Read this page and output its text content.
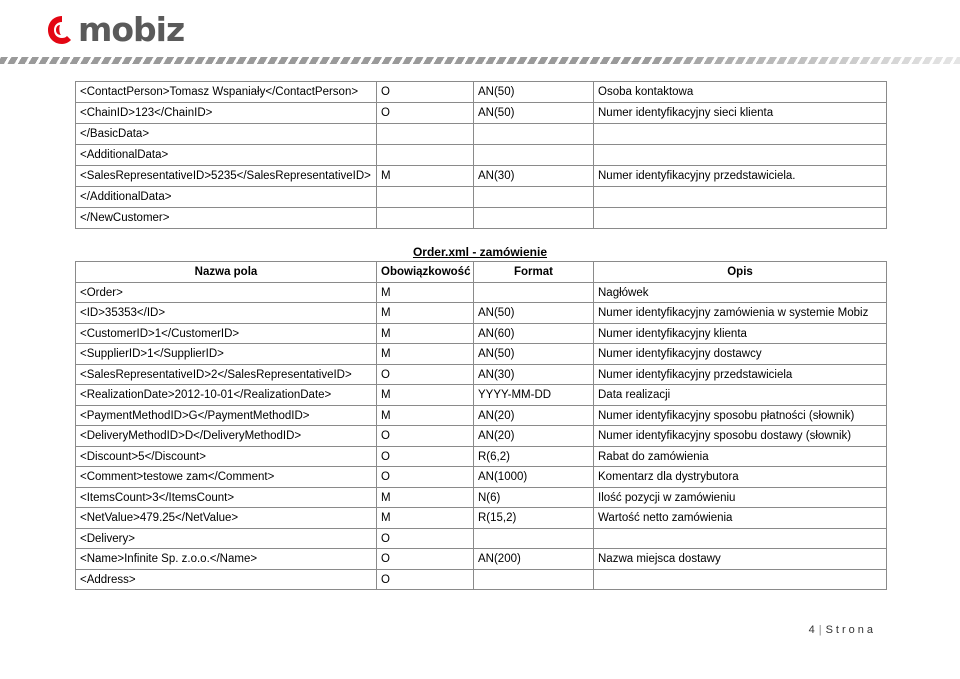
mobiz
<ContactPerson>Tomasz Wspaniały</ContactPerson>	O	AN(50)	Osoba kontaktowa
<ChainID>123</ChainID>	O	AN(50)	Numer identyfikacyjny sieci klienta
</BasicData>			
<AdditionalData>			
<SalesRepresentativeID>5235</SalesRepresentativeID>	M	AN(30)	Numer identyfikacyjny przedstawiciela.
</AdditionalData>			
</NewCustomer>			
Order.xml - zamówienie
Nazwa pola	Obowiązkowość	Format	Opis
<Order>	M		Nagłówek
<ID>35353</ID>	M	AN(50)	Numer identyfikacyjny zamówienia w systemie Mobiz
<CustomerID>1</CustomerID>	M	AN(60)	Numer identyfikacyjny klienta
<SupplierID>1</SupplierID>	M	AN(50)	Numer identyfikacyjny dostawcy
<SalesRepresentativeID>2</SalesRepresentativeID>	O	AN(30)	Numer identyfikacyjny przedstawiciela
<RealizationDate>2012-10-01</RealizationDate>	M	YYYY-MM-DD	Data realizacji
<PaymentMethodID>G</PaymentMethodID>	M	AN(20)	Numer identyfikacyjny sposobu płatności (słownik)
<DeliveryMethodID>D</DeliveryMethodID>	O	AN(20)	Numer identyfikacyjny sposobu dostawy (słownik)
<Discount>5</Discount>	O	R(6,2)	Rabat do zamówienia
<Comment>testowe zam</Comment>	O	AN(1000)	Komentarz dla dystrybutora
<ItemsCount>3</ItemsCount>	M	N(6)	Ilość pozycji w zamówieniu
<NetValue>479.25</NetValue>	M	R(15,2)	Wartość netto zamówienia
<Delivery>	O		
<Name>Infinite Sp. z.o.o.</Name>	O	AN(200)	Nazwa miejsca dostawy
<Address>	O		
4 | Strona
